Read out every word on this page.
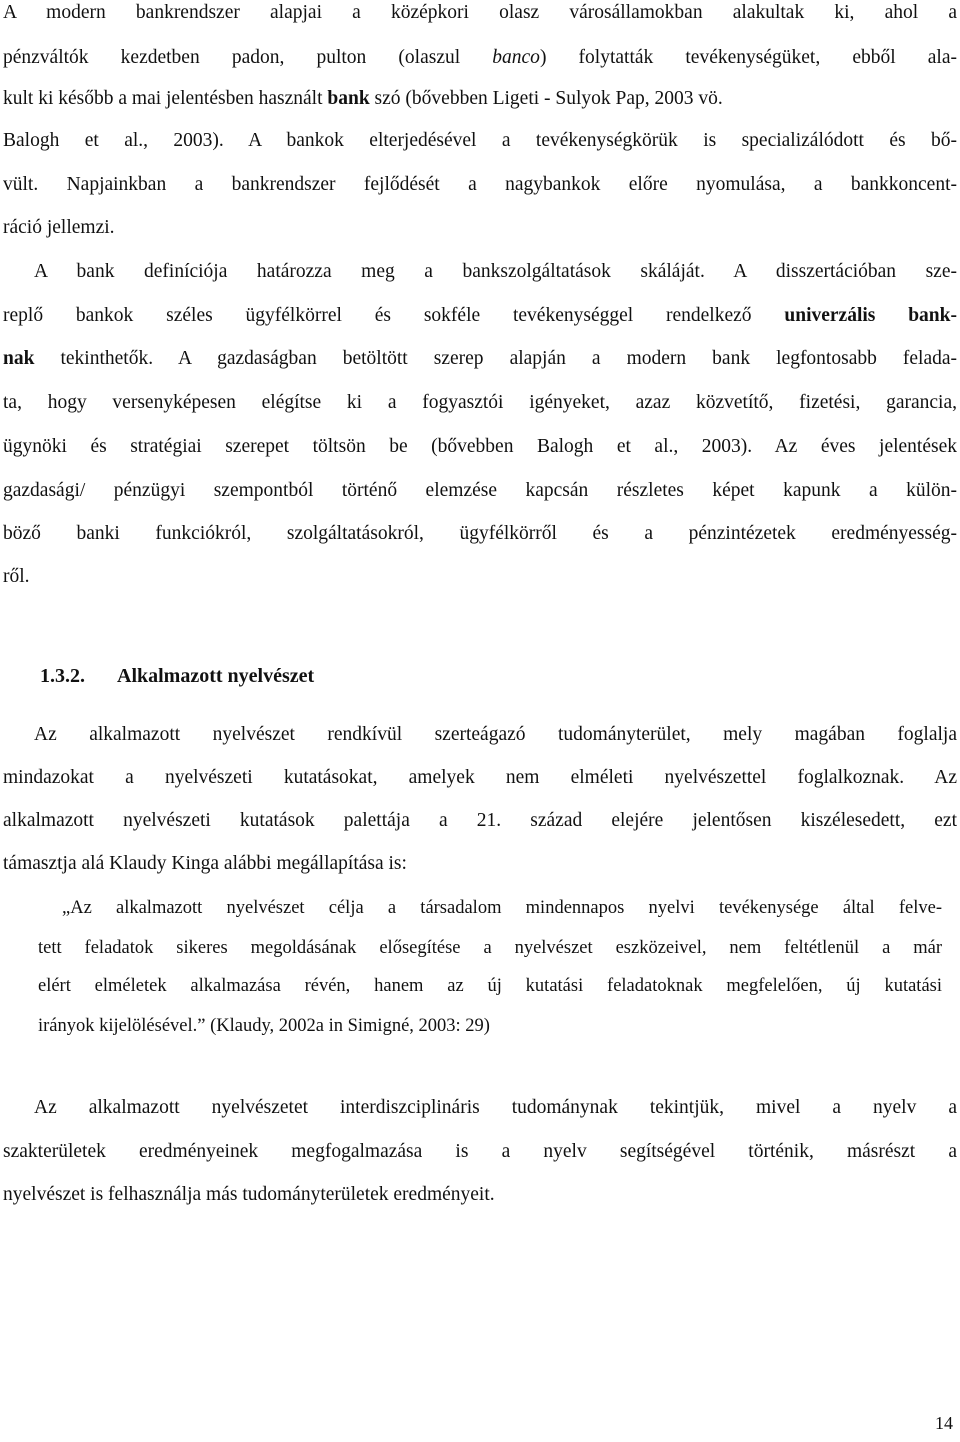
A modern bankrendszer alapjai a középkori olasz városállamokban alakultak ki, ahol a
pénzváltók kezdetben padon, pulton (olaszul banco) folytatták tevékenységüket, ebből ala-
kult ki később a mai jelentésben használt bank szó (bővebben Ligeti - Sulyok Pap, 2003 vö.
Balogh et al., 2003). A bankok elterjedésével a tevékenységkörük is specializálódott és bő-
vült. Napjainkban a bankrendszer fejlődését a nagybankok előre nyomulása, a bankkoncent-
ráció jellemzi.
A bank definíciója határozza meg a bankszolgáltatások skáláját. A disszertációban sze-
replő bankok széles ügyfélkörrel és sokféle tevékenységgel rendelkező univerzális bank-
nak tekinthetők. A gazdaságban betöltött szerep alapján a modern bank legfontosabb felada-
ta, hogy versenyképesen elégítse ki a fogyasztói igényeket, azaz közvetítő, fizetési, garancia,
ügynöki és stratégiai szerepet töltsön be (bővebben Balogh et al., 2003). Az éves jelentések
gazdasági/ pénzügyi szempontból történő elemzése kapcsán részletes képet kapunk a külön-
böző banki funkciókról, szolgáltatásokról, ügyfélkörről és a pénzintézetek eredményesség-
ről.
1.3.2. Alkalmazott nyelvészet
Az alkalmazott nyelvészet rendkívül szerteágazó tudományterület, mely magában foglalja
mindazokat a nyelvészeti kutatásokat, amelyek nem elméleti nyelvészettel foglalkoznak. Az
alkalmazott nyelvészeti kutatások palettája a 21. század elejére jelentősen kiszélesedett, ezt
támasztja alá Klaudy Kinga alábbi megállapítása is:
„Az alkalmazott nyelvészet célja a társadalom mindennapos nyelvi tevékenysége által felve-
tett feladatok sikeres megoldásának elősegítése a nyelvészet eszközeivel, nem feltétlenül a már
elért elméletek alkalmazása révén, hanem az új kutatási feladatoknak megfelelően, új kutatási
irányok kijelölésével.” (Klaudy, 2002a in Simigné, 2003: 29)
Az alkalmazott nyelvészetet interdiszciplináris tudománynak tekintjük, mivel a nyelv a
szakterületek eredményeinek megfogalmazása is a nyelv segítségével történik, másrészt a
nyelvészet is felhasználja más tudományterületek eredményeit.
14
